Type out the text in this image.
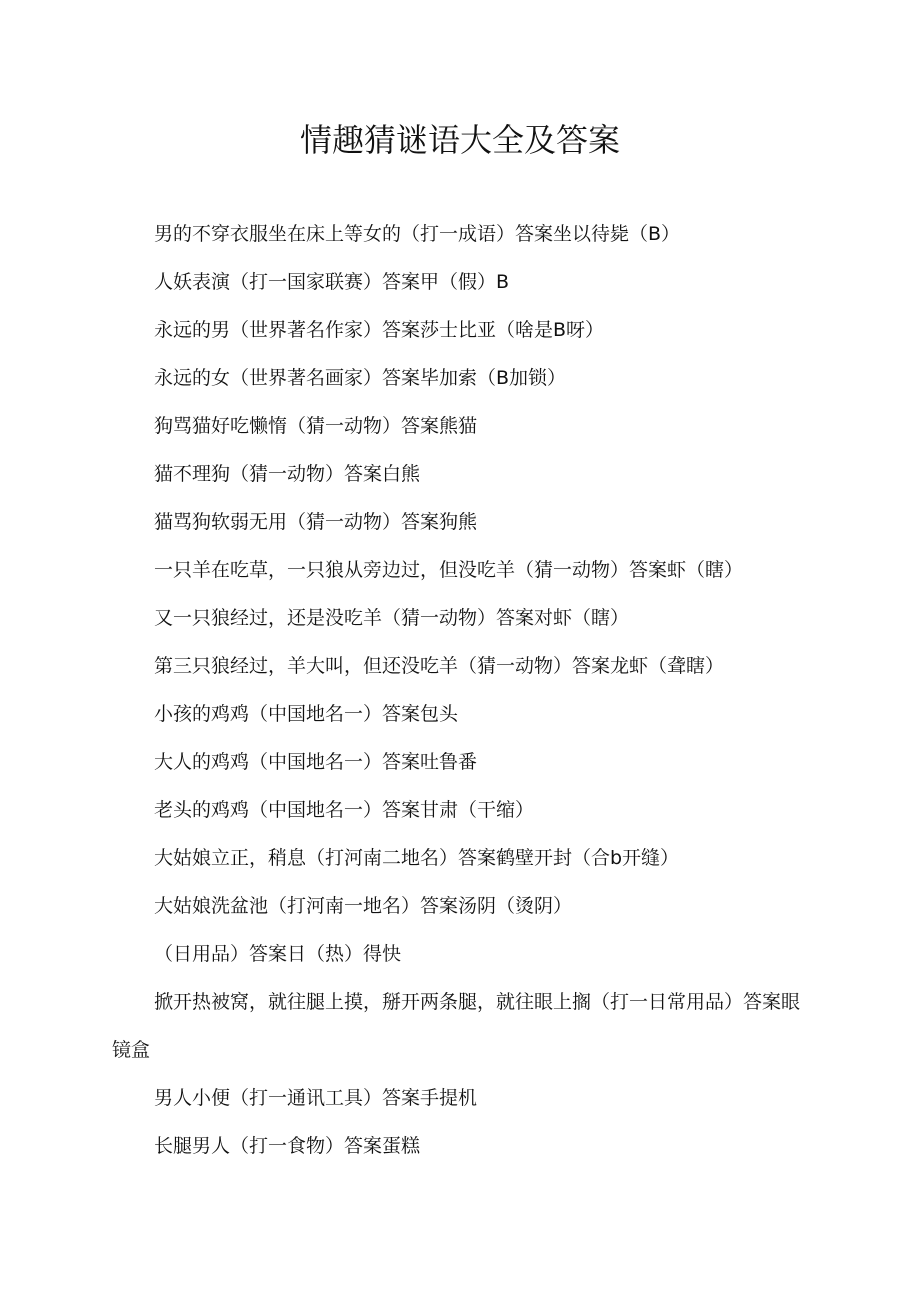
情趣猜谜语大全及答案

男的不穿衣服坐在床上等女的（打一成语）答案坐以待毙（B）

人妖表演（打一国家联赛）答案甲（假）B

永远的男（世界著名作家）答案莎士比亚（啥是B呀）

永远的女（世界著名画家）答案毕加索（B加锁）

狗骂猫好吃懒惰（猜一动物）答案熊猫

猫不理狗（猜一动物）答案白熊

猫骂狗软弱无用（猜一动物）答案狗熊

一只羊在吃草，一只狼从旁边过，但没吃羊（猜一动物）答案虾（瞎）

又一只狼经过，还是没吃羊（猜一动物）答案对虾（瞎）

第三只狼经过，羊大叫，但还没吃羊（猜一动物）答案龙虾（聋瞎）

小孩的鸡鸡（中国地名一）答案包头

大人的鸡鸡（中国地名一）答案吐鲁番

老头的鸡鸡（中国地名一）答案甘肃（干缩）

大姑娘立正，稍息（打河南二地名）答案鹤壁开封（合b开缝）

大姑娘洗盆池（打河南一地名）答案汤阴（烫阴）

（日用品）答案日（热）得快

掀开热被窝，就往腿上摸，掰开两条腿，就往眼上搁（打一日常用品）答案眼镜盒

男人小便（打一通讯工具）答案手提机

长腿男人（打一食物）答案蛋糕
